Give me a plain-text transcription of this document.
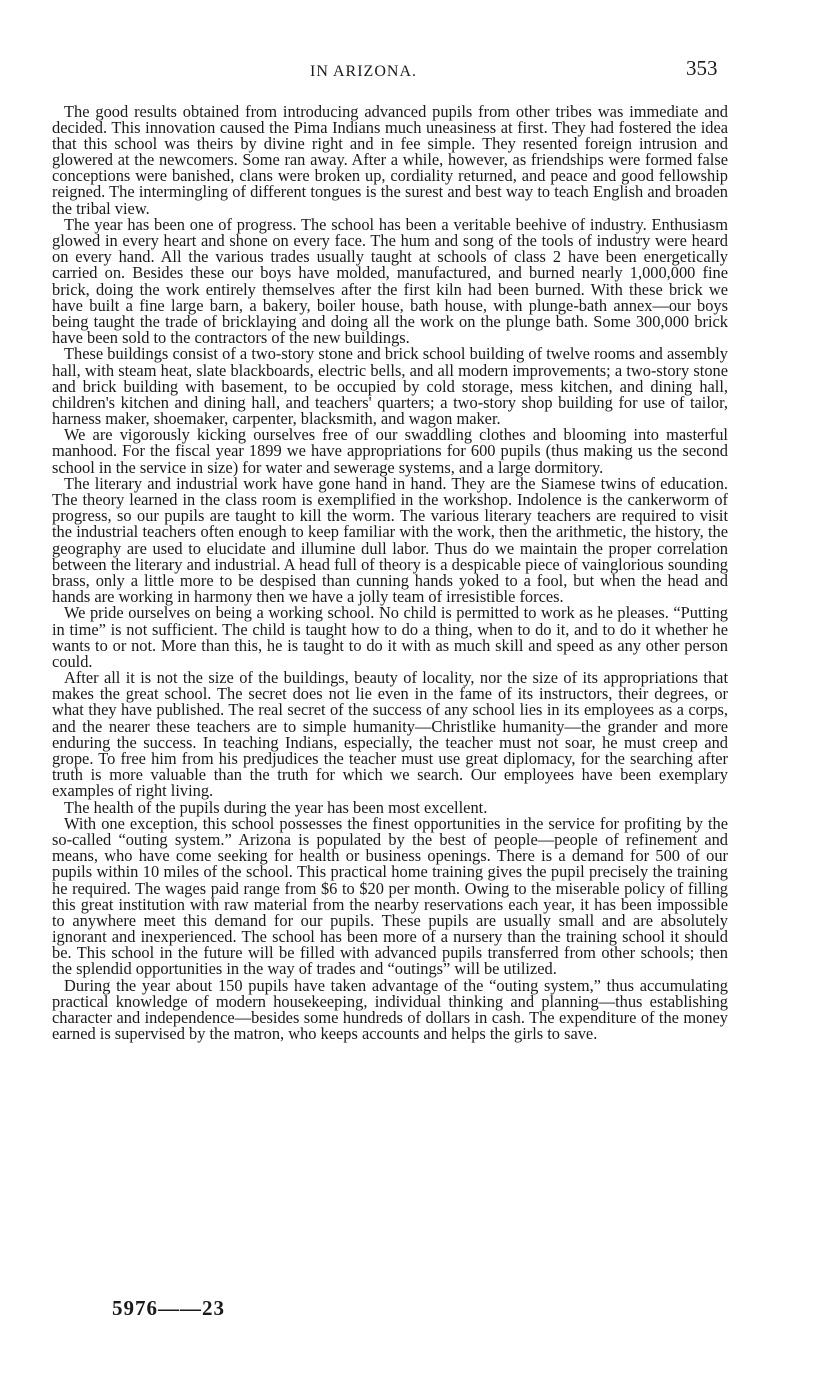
IN ARIZONA.	353

The good results obtained from introducing advanced pupils from other tribes was immediate and decided. This innovation caused the Pima Indians much uneasiness at first. They had fostered the idea that this school was theirs by divine right and in fee simple. They resented foreign intrusion and glowered at the newcomers. Some ran away. After a while, however, as friendships were formed false conceptions were banished, clans were broken up, cordiality returned, and peace and good fellowship reigned. The intermingling of different tongues is the surest and best way to teach English and broaden the tribal view.

The year has been one of progress. The school has been a veritable beehive of industry. Enthusiasm glowed in every heart and shone on every face. The hum and song of the tools of industry were heard on every hand. All the various trades usually taught at schools of class 2 have been energetically carried on. Besides these our boys have molded, manufactured, and burned nearly 1,000,000 fine brick, doing the work entirely themselves after the first kiln had been burned. With these brick we have built a fine large barn, a bakery, boiler house, bath house, with plunge-bath annex—our boys being taught the trade of bricklaying and doing all the work on the plunge bath. Some 300,000 brick have been sold to the contractors of the new buildings.

These buildings consist of a two-story stone and brick school building of twelve rooms and assembly hall, with steam heat, slate blackboards, electric bells, and all modern improvements; a two-story stone and brick building with basement, to be occupied by cold storage, mess kitchen, and dining hall, children's kitchen and dining hall, and teachers' quarters; a two-story shop building for use of tailor, harness maker, shoemaker, carpenter, blacksmith, and wagon maker.

We are vigorously kicking ourselves free of our swaddling clothes and blooming into masterful manhood. For the fiscal year 1899 we have appropriations for 600 pupils (thus making us the second school in the service in size) for water and sewerage systems, and a large dormitory.

The literary and industrial work have gone hand in hand. They are the Siamese twins of education. The theory learned in the class room is exemplified in the workshop. Indolence is the cankerworm of progress, so our pupils are taught to kill the worm. The various literary teachers are required to visit the industrial teachers often enough to keep familiar with the work, then the arithmetic, the history, the geography are used to elucidate and illumine dull labor. Thus do we maintain the proper correlation between the literary and industrial. A head full of theory is a despicable piece of vainglorious sounding brass, only a little more to be despised than cunning hands yoked to a fool, but when the head and hands are working in harmony then we have a jolly team of irresistible forces.

We pride ourselves on being a working school. No child is permitted to work as he pleases. “Putting in time” is not sufficient. The child is taught how to do a thing, when to do it, and to do it whether he wants to or not. More than this, he is taught to do it with as much skill and speed as any other person could.

After all it is not the size of the buildings, beauty of locality, nor the size of its appropriations that makes the great school. The secret does not lie even in the fame of its instructors, their degrees, or what they have published. The real secret of the success of any school lies in its employees as a corps, and the nearer these teachers are to simple humanity—Christlike humanity—the grander and more enduring the success. In teaching Indians, especially, the teacher must not soar, he must creep and grope. To free him from his predjudices the teacher must use great diplomacy, for the searching after truth is more valuable than the truth for which we search. Our employees have been exemplary examples of right living.

The health of the pupils during the year has been most excellent.

With one exception, this school possesses the finest opportunities in the service for profiting by the so-called “outing system.” Arizona is populated by the best of people—people of refinement and means, who have come seeking for health or business openings. There is a demand for 500 of our pupils within 10 miles of the school. This practical home training gives the pupil precisely the training he required. The wages paid range from $6 to $20 per month. Owing to the miserable policy of filling this great institution with raw material from the nearby reservations each year, it has been impossible to anywhere meet this demand for our pupils. These pupils are usually small and are absolutely ignorant and inexperienced. The school has been more of a nursery than the training school it should be. This school in the future will be filled with advanced pupils transferred from other schools; then the splendid opportunities in the way of trades and “outings” will be utilized.

During the year about 150 pupils have taken advantage of the “outing system,” thus accumulating practical knowledge of modern housekeeping, individual thinking and planning—thus establishing character and independence—besides some hundreds of dollars in cash. The expenditure of the money earned is supervised by the matron, who keeps accounts and helps the girls to save.

5976——23
